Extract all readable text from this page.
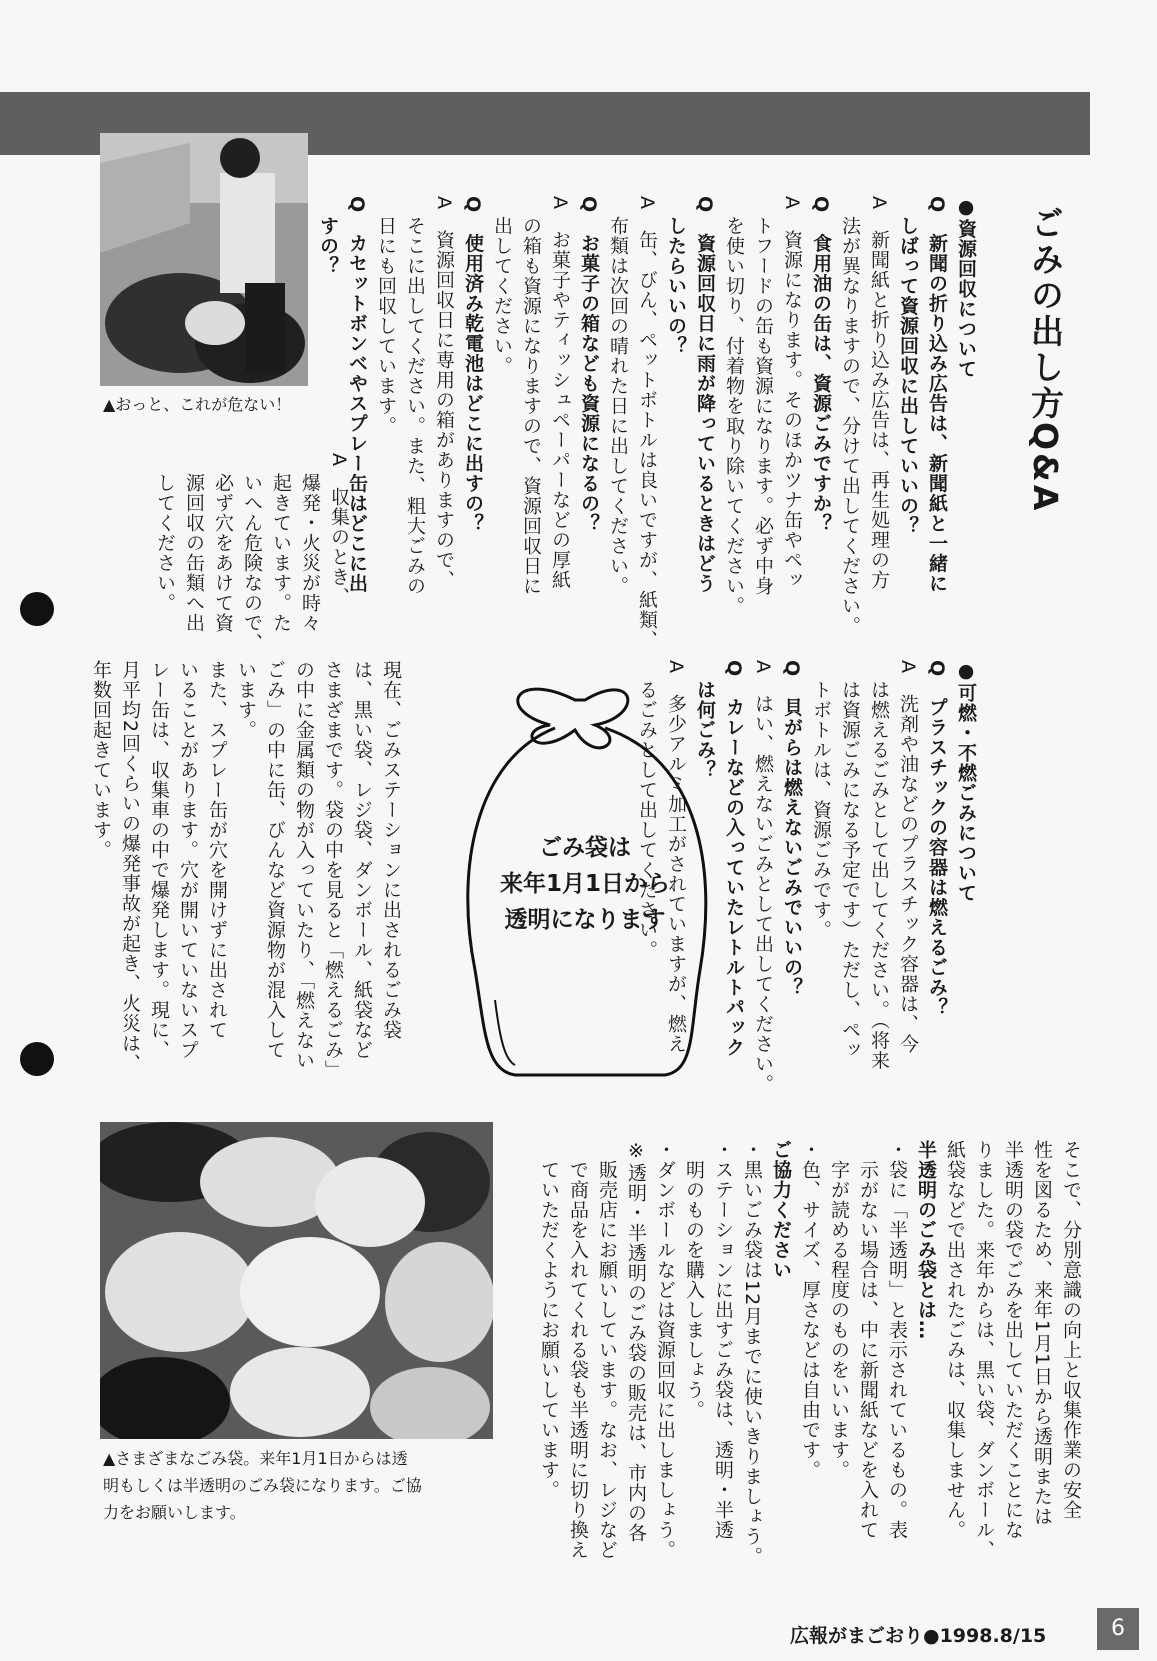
ごみの出し方Q&A
●資源回収について
Q　新聞の折り込み広告は、新聞紙と一緒に
　しばって資源回収に出していいの？
A　新聞紙と折り込み広告は、再生処理の方
　法が異なりますので、分けて出してください。
Q　食用油の缶は、資源ごみですか？
A　資源になります。そのほかツナ缶やペッ
　トフードの缶も資源になります。必ず中身
　を使い切り、付着物を取り除いてください。
Q　資源回収日に雨が降っているときはどう
　したらいいの？
A　缶、びん、ペットボトルは良いですが、紙類、
　布類は次回の晴れた日に出してください。
Q　お菓子の箱なども資源になるの？
A　お菓子やティッシュペーパーなどの厚紙
　の箱も資源になりますので、資源回収日に
　出してください。
Q　使用済み乾電池はどこに出すの？
A　資源回収日に専用の箱がありますので、
　そこに出してください。また、粗大ごみの
　日にも回収しています。
Q　カセットボンベやスプレー缶はどこに出
　すの？
▲おっと、これが危ない！
A　収集のとき、
　爆発・火災が時々
　起きています。た
　いへん危険なので、
　必ず穴をあけて資
　源回収の缶類へ出
　してください。
●可燃・不燃ごみについて
Q　プラスチックの容器は燃えるごみ？
A　洗剤や油などのプラスチック容器は、今
　は燃えるごみとして出してください。（将来
　は資源ごみになる予定です）ただし、ペッ
　トボトルは、資源ごみです。
Q　貝がらは燃えないごみでいいの？
A　はい、燃えないごみとして出してください。
Q　カレーなどの入っていたレトルトパック
　は何ごみ？
A　多少アルミ加工がされていますが、燃え
　るごみとして出してください。
ごみ袋は
来年1月1日から
透明になります
現在、ごみステーションに出されるごみ袋
は、黒い袋、レジ袋、ダンボール、紙袋など
さまざまです。袋の中を見ると「燃えるごみ」
の中に金属類の物が入っていたり、「燃えない
ごみ」の中に缶、びんなど資源物が混入して
います。
また、スプレー缶が穴を開けずに出されて
いることがあります。穴が開いていないスプ
レー缶は、収集車の中で爆発します。現に、
月平均2回くらいの爆発事故が起き、火災は、
年数回起きています。
▲さまざまなごみ袋。来年1月1日からは透
明もしくは半透明のごみ袋になります。ご協
力をお願いします。	そこで、分別意識の向上と収集作業の安全
性を図るため、来年1月1日から透明または
半透明の袋でごみを出していただくことにな
りました。来年からは、黒い袋、ダンボール、
紙袋などで出されたごみは、収集しません。
半透明のごみ袋とは…
・袋に「半透明」と表示されているもの。表
　示がない場合は、中に新聞紙などを入れて
　字が読める程度のものをいいます。
・色、サイズ、厚さなどは自由です。
ご協力ください
・黒いごみ袋は12月までに使いきりましょう。
・ステーションに出すごみ袋は、透明・半透
　明のものを購入しましょう。
・ダンボールなどは資源回収に出しましょう。
※透明・半透明のごみ袋の販売は、市内の各
　販売店にお願いしています。なお、レジなど
　で商品を入れてくれる袋も半透明に切り換え
　ていただくようにお願いしています。
広報がまごおり●1998.8/15	6
